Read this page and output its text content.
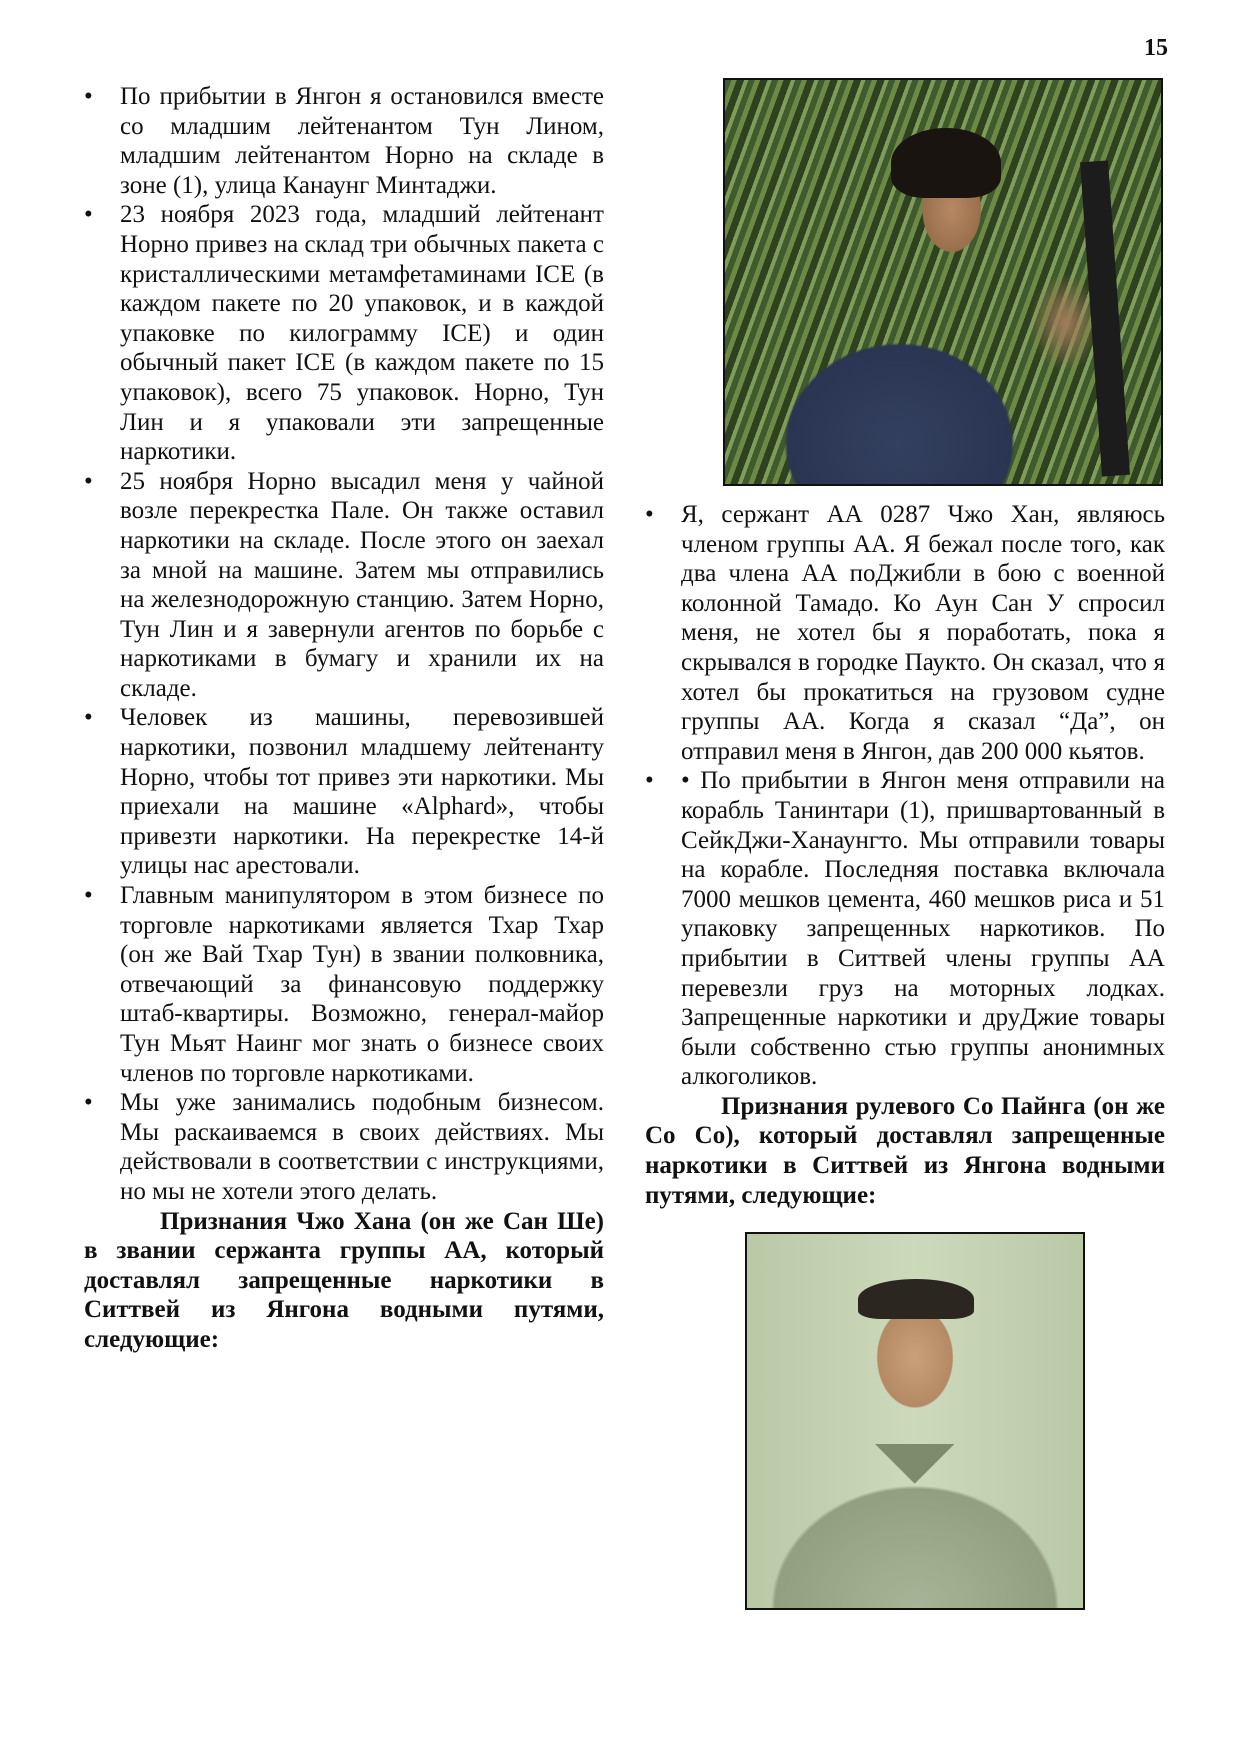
15
• По прибытии в Янгон я остановился вместе со младшим лейтенантом Тун Лином, младшим лейтенантом Норно на складе в зоне (1), улица Канаунг Минтаджи.
• 23 ноября 2023 года, младший лейтенант Норно привез на склад три обычных пакета с кристаллическими метамфетаминами ICE (в каждом пакете по 20 упаковок, и в каждой упаковке по килограмму ICE) и один обычный пакет ICE (в каждом пакете по 15 упаковок), всего 75 упаковок. Норно, Тун Лин и я упаковали эти запрещенные наркотики.
• 25 ноября Норно высадил меня у чайной возле перекрестка Пале. Он также оставил наркотики на складе. После этого он заехал за мной на машине. Затем мы отправились на железнодорожную станцию. Затем Норно, Тун Лин и я завернули агентов по борьбе с наркотиками в бумагу и хранили их на складе.
• Человек из машины, перевозившей наркотики, позвонил младшему лейтенанту Норно, чтобы тот привез эти наркотики. Мы приехали на машине «Alphard», чтобы привезти наркотики. На перекрестке 14-й улицы нас арестовали.
• Главным манипулятором в этом бизнесе по торговле наркотиками является Тхар Тхар (он же Вай Тхар Тун) в звании полковника, отвечающий за финансовую поддержку штаб-квартиры. Возможно, генерал-майор Тун Мьят Наинг мог знать о бизнесе своих членов по торговле наркотиками.
• Мы уже занимались подобным бизнесом. Мы раскаиваемся в своих действиях. Мы действовали в соответствии с инструкциями, но мы не хотели этого делать.

Признания Чжо Хана (он же Сан Ше) в звании сержанта группы АА, который доставлял запрещенные наркотики в Ситтвей из Янгона водными путями, следующие:

• Я, сержант АА 0287 Чжо Хан, являюсь членом группы АА. Я бежал после того, как два члена АА поДжибли в бою с военной колонной Тамадо. Ко Аун Сан У спросил меня, не хотел бы я поработать, пока я скрывался в городке Паукто. Он сказал, что я хотел бы прокатиться на грузовом судне группы АА. Когда я сказал “Да”, он отправил меня в Янгон, дав 200 000 кьятов.
• • По прибытии в Янгон меня отправили на корабль Танинтари (1), пришвартованный в СейкДжи-Ханаунгто. Мы отправили товары на корабле. Последняя поставка включала 7000 мешков цемента, 460 мешков риса и 51 упаковку запрещенных наркотиков. По прибытии в Ситтвей члены группы АА перевезли груз на моторных лодках. Запрещенные наркотики и друДжие товары были собственно стью группы анонимных алкоголиков.

Признания рулевого Со Пайнга (он же Со Со), который доставлял запрещенные наркотики в Ситтвей из Янгона водными путями, следующие:
